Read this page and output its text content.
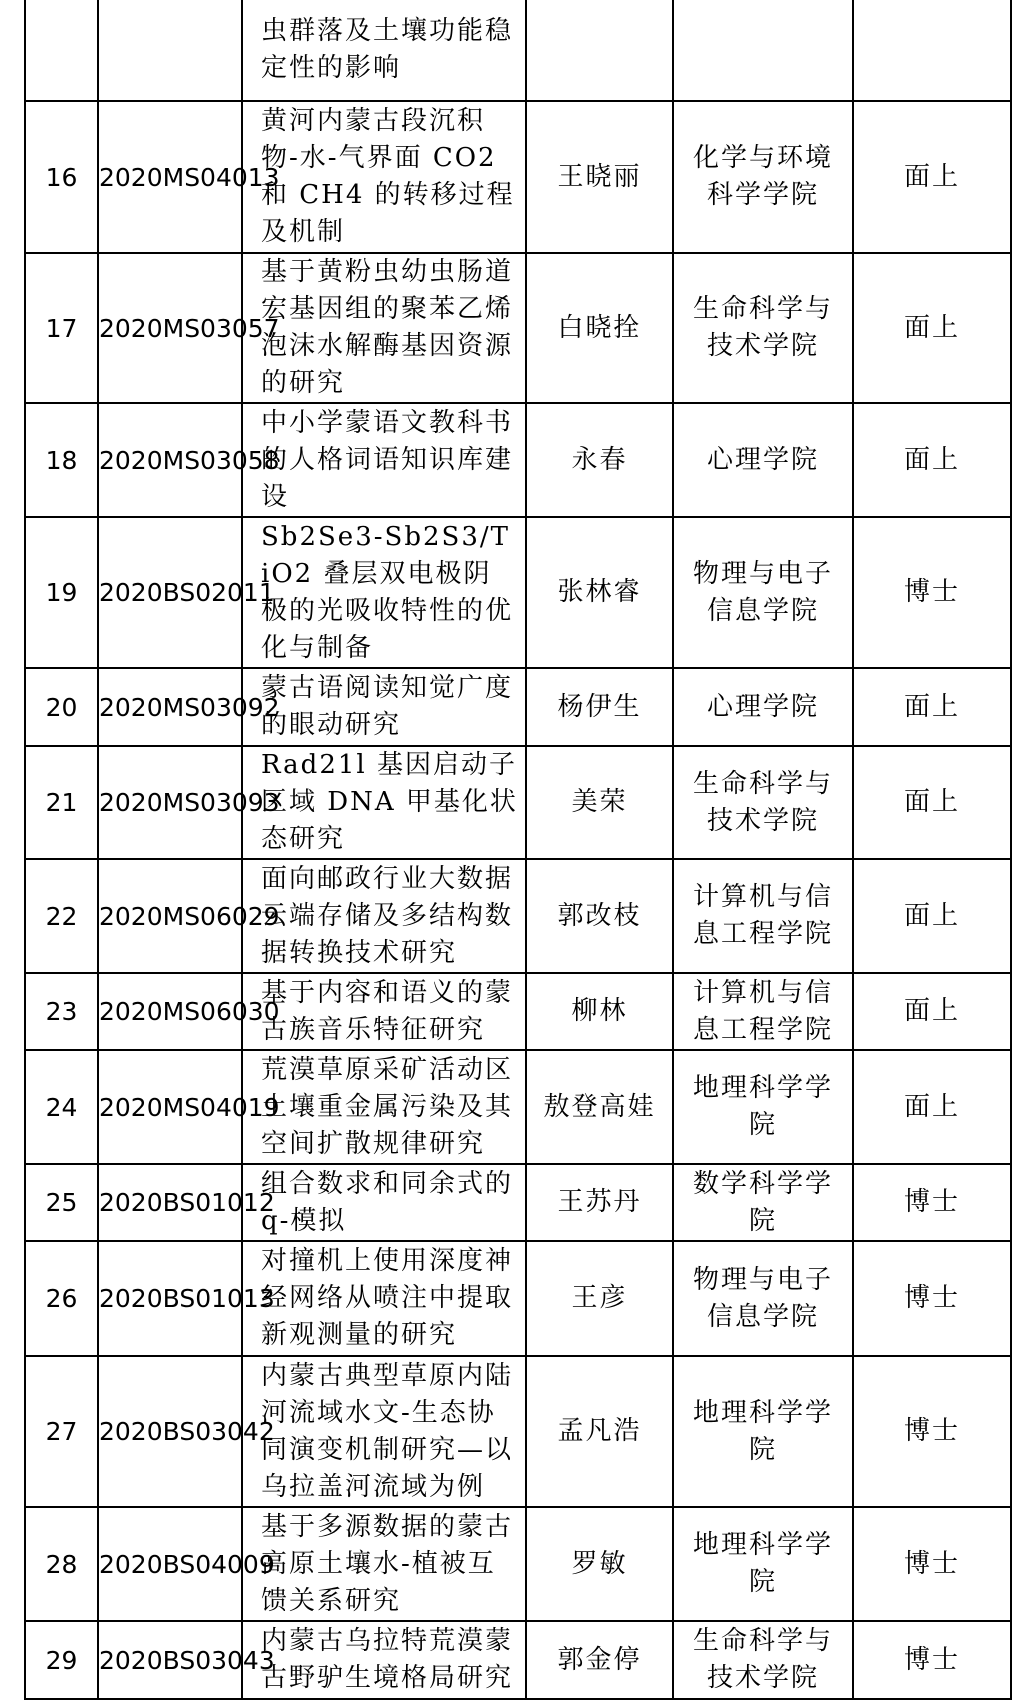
		虫群落及土壤功能稳定性的影响			
16	2020MS04013	黄河内蒙古段沉积物-水-气界面 CO2 和 CH4 的转移过程及机制	王晓丽	化学与环境科学学院	面上
17	2020MS03057	基于黄粉虫幼虫肠道宏基因组的聚苯乙烯泡沫水解酶基因资源的研究	白晓拴	生命科学与技术学院	面上
18	2020MS03058	中小学蒙语文教科书的人格词语知识库建设	永春	心理学院	面上
19	2020BS02011	Sb2Se3-Sb2S3/TiO2 叠层双电极阴极的光吸收特性的优化与制备	张林睿	物理与电子信息学院	博士
20	2020MS03092	蒙古语阅读知觉广度的眼动研究	杨伊生	心理学院	面上
21	2020MS03093	Rad21l 基因启动子区域 DNA 甲基化状态研究	美荣	生命科学与技术学院	面上
22	2020MS06029	面向邮政行业大数据云端存储及多结构数据转换技术研究	郭改枝	计算机与信息工程学院	面上
23	2020MS06030	基于内容和语义的蒙古族音乐特征研究	柳林	计算机与信息工程学院	面上
24	2020MS04019	荒漠草原采矿活动区土壤重金属污染及其空间扩散规律研究	敖登高娃	地理科学学院	面上
25	2020BS01012	组合数求和同余式的q-模拟	王苏丹	数学科学学院	博士
26	2020BS01013	对撞机上使用深度神经网络从喷注中提取新观测量的研究	王彦	物理与电子信息学院	博士
27	2020BS03042	内蒙古典型草原内陆河流域水文-生态协同演变机制研究—以乌拉盖河流域为例	孟凡浩	地理科学学院	博士
28	2020BS04009	基于多源数据的蒙古高原土壤水-植被互馈关系研究	罗敏	地理科学学院	博士
29	2020BS03043	内蒙古乌拉特荒漠蒙古野驴生境格局研究	郭金停	生命科学与技术学院	博士
